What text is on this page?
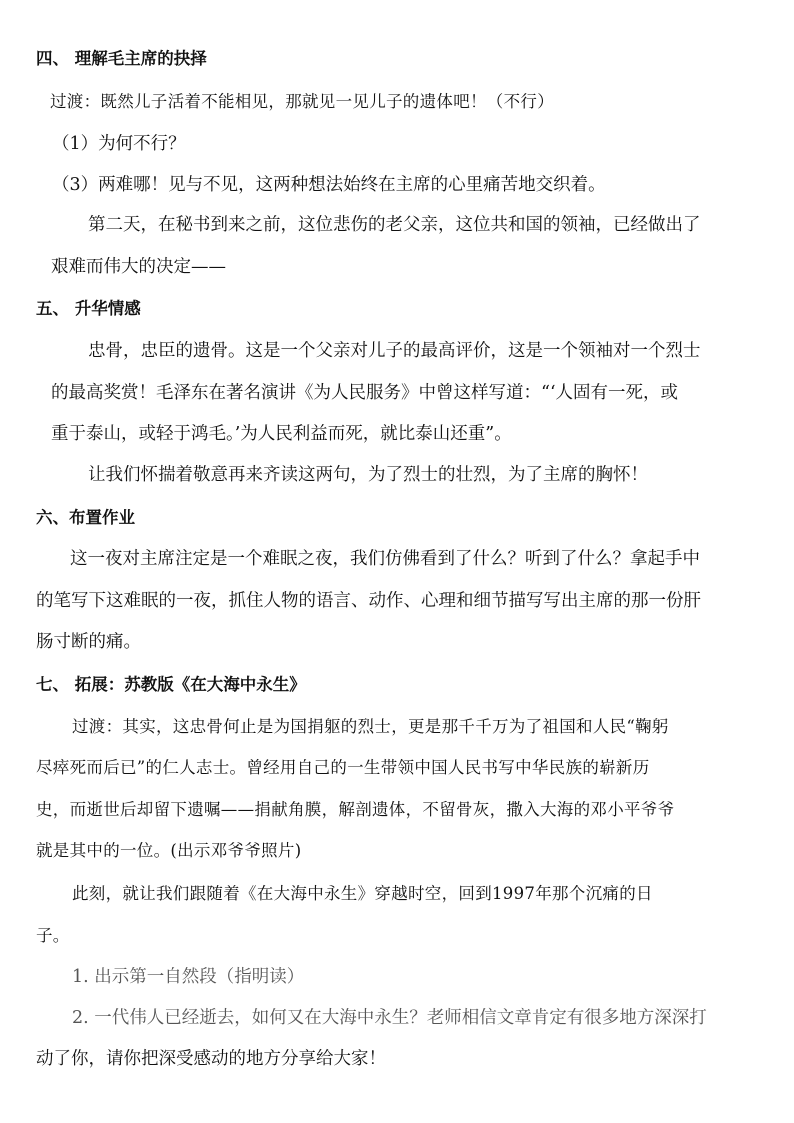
四、 理解毛主席的抉择
过渡：既然儿子活着不能相见，那就见一见儿子的遗体吧！（不行）
（1）为何不行？
（3）两难哪！见与不见，这两种想法始终在主席的心里痛苦地交织着。
第二天，在秘书到来之前，这位悲伤的老父亲，这位共和国的领袖，已经做出了
艰难而伟大的决定——
五、 升华情感
忠骨，忠臣的遗骨。这是一个父亲对儿子的最高评价，这是一个领袖对一个烈士
的最高奖赏！毛泽东在著名演讲《为人民服务》中曾这样写道：“‘人固有一死，或
重于泰山，或轻于鸿毛。’为人民利益而死，就比泰山还重”。
让我们怀揣着敬意再来齐读这两句，为了烈士的壮烈，为了主席的胸怀！
六、布置作业
这一夜对主席注定是一个难眠之夜，我们仿佛看到了什么？听到了什么？拿起手中
的笔写下这难眠的一夜，抓住人物的语言、动作、心理和细节描写写出主席的那一份肝
肠寸断的痛。
七、 拓展：苏教版《在大海中永生》
过渡：其实，这忠骨何止是为国捐躯的烈士，更是那千千万为了祖国和人民“鞠躬
尽瘁死而后已”的仁人志士。曾经用自己的一生带领中国人民书写中华民族的崭新历
史，而逝世后却留下遗嘱——捐献角膜，解剖遗体，不留骨灰，撒入大海的邓小平爷爷
就是其中的一位。(出示邓爷爷照片)
此刻，就让我们跟随着《在大海中永生》穿越时空，回到1997年那个沉痛的日
子。
1. 出示第一自然段（指明读）
2. 一代伟人已经逝去，如何又在大海中永生？老师相信文章肯定有很多地方深深打
动了你，请你把深受感动的地方分享给大家！
